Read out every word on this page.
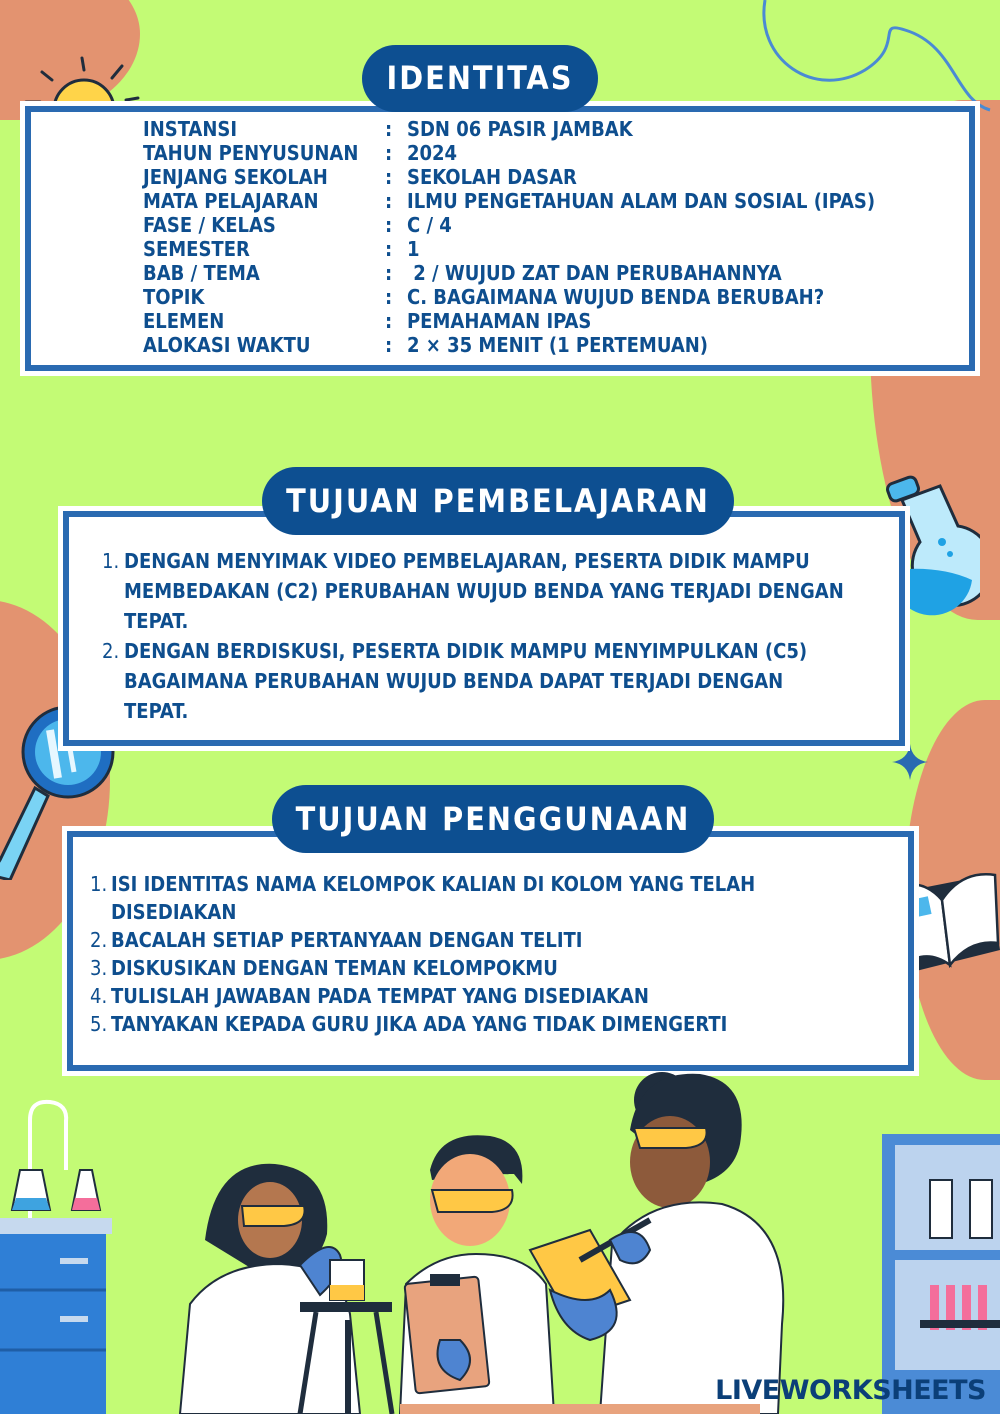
IDENTITAS
INSTANSI	: SDN 06 PASIR JAMBAK
TAHUN PENYUSUNAN	: 2024
JENJANG SEKOLAH	: SEKOLAH DASAR
MATA PELAJARAN	: ILMU PENGETAHUAN ALAM DAN SOSIAL (IPAS)
FASE / KELAS	: C / 4
SEMESTER	: 1
BAB / TEMA	: 2 / WUJUD ZAT DAN PERUBAHANNYA
TOPIK	: C. BAGAIMANA WUJUD BENDA BERUBAH?
ELEMEN	: PEMAHAMAN IPAS
ALOKASI WAKTU	: 2 × 35 MENIT (1 PERTEMUAN)
TUJUAN PEMBELAJARAN
1. DENGAN MENYIMAK VIDEO PEMBELAJARAN, PESERTA DIDIK MAMPU
MEMBEDAKAN (C2) PERUBAHAN WUJUD BENDA YANG TERJADI DENGAN
TEPAT.
2. DENGAN BERDISKUSI, PESERTA DIDIK MAMPU MENYIMPULKAN (C5)
BAGAIMANA PERUBAHAN WUJUD BENDA DAPAT TERJADI DENGAN
TEPAT.
TUJUAN PENGGUNAAN
1. ISI IDENTITAS NAMA KELOMPOK KALIAN DI KOLOM YANG TELAH
DISEDIAKAN
2. BACALAH SETIAP PERTANYAAN DENGAN TELITI
3. DISKUSIKAN DENGAN TEMAN KELOMPOKMU
4. TULISLAH JAWABAN PADA TEMPAT YANG DISEDIAKAN
5. TANYAKAN KEPADA GURU JIKA ADA YANG TIDAK DIMENGERTI
LIVEWORKSHEETS
